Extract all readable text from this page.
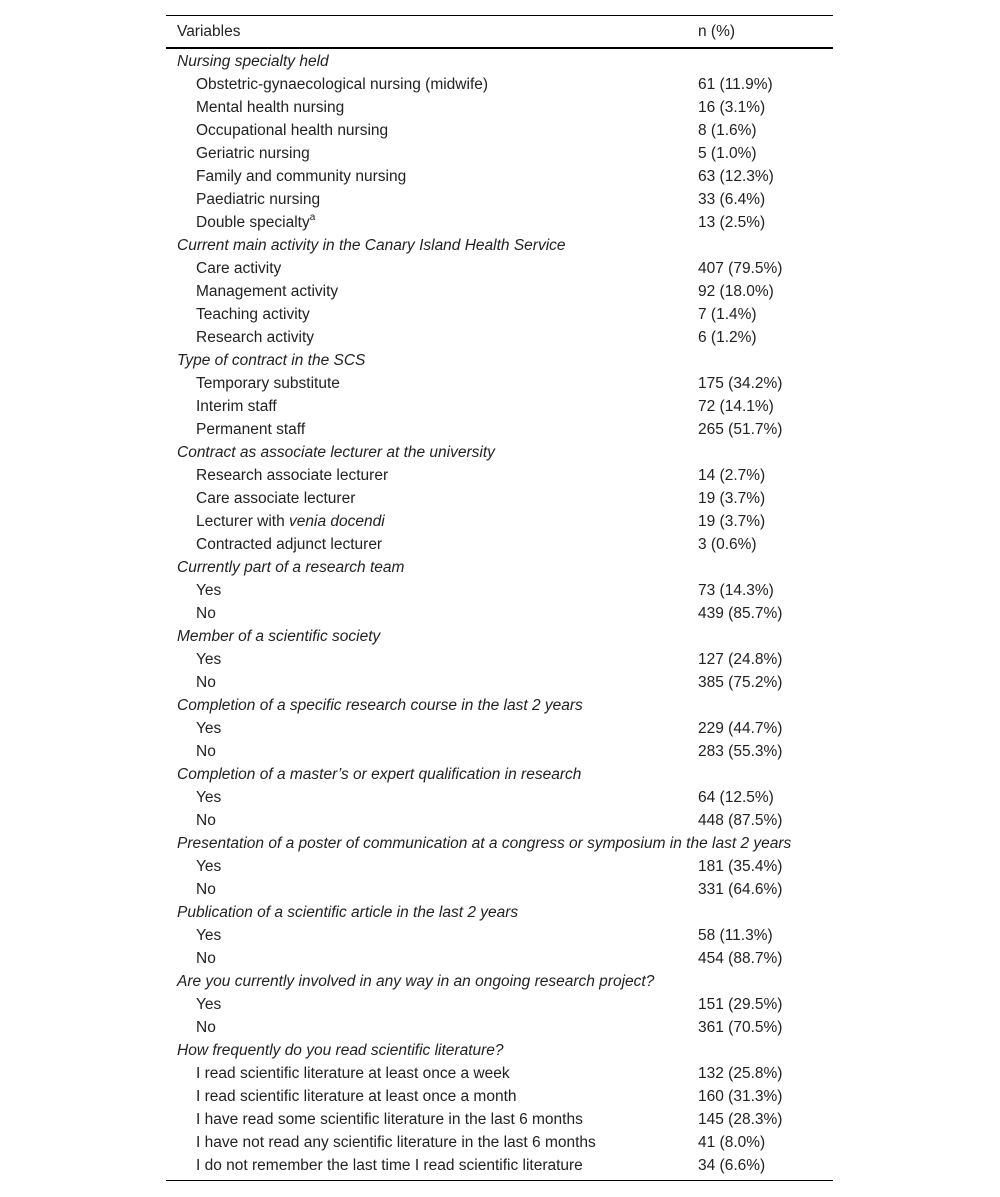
Variables	n (%)
Nursing specialty held
Obstetric-gynaecological nursing (midwife)	61 (11.9%)
Mental health nursing	16 (3.1%)
Occupational health nursing	8 (1.6%)
Geriatric nursing	5 (1.0%)
Family and community nursing	63 (12.3%)
Paediatric nursing	33 (6.4%)
Double specialty$^a$	13 (2.5%)
Current main activity in the Canary Island Health Service
Care activity	407 (79.5%)
Management activity	92 (18.0%)
Teaching activity	7 (1.4%)
Research activity	6 (1.2%)
Type of contract in the SCS
Temporary substitute	175 (34.2%)
Interim staff	72 (14.1%)
Permanent staff	265 (51.7%)
Contract as associate lecturer at the university
Research associate lecturer	14 (2.7%)
Care associate lecturer	19 (3.7%)
Lecturer with venia docendi	19 (3.7%)
Contracted adjunct lecturer	3 (0.6%)
Currently part of a research team
Yes	73 (14.3%)
No	439 (85.7%)
Member of a scientific society
Yes	127 (24.8%)
No	385 (75.2%)
Completion of a specific research course in the last 2 years
Yes	229 (44.7%)
No	283 (55.3%)
Completion of a master’s or expert qualification in research
Yes	64 (12.5%)
No	448 (87.5%)
Presentation of a poster of communication at a congress or symposium in the last 2 years
Yes	181 (35.4%)
No	331 (64.6%)
Publication of a scientific article in the last 2 years
Yes	58 (11.3%)
No	454 (88.7%)
Are you currently involved in any way in an ongoing research project?
Yes	151 (29.5%)
No	361 (70.5%)
How frequently do you read scientific literature?
I read scientific literature at least once a week	132 (25.8%)
I read scientific literature at least once a month	160 (31.3%)
I have read some scientific literature in the last 6 months	145 (28.3%)
I have not read any scientific literature in the last 6 months	41 (8.0%)
I do not remember the last time I read scientific literature	34 (6.6%)
